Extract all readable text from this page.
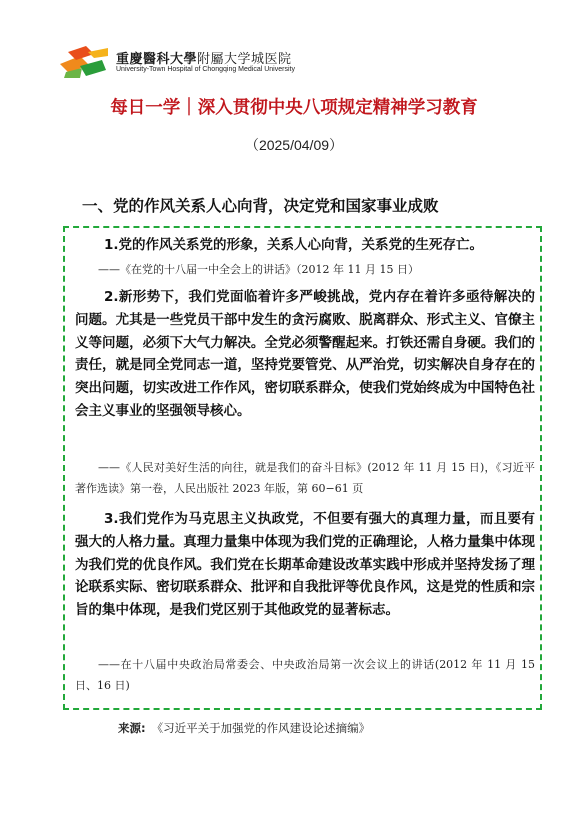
重慶醫科大學附屬大学城医院
University-Town Hospital of Chongqing Medical University
每日一学｜深入贯彻中央八项规定精神学习教育
（2025/04/09）
一、党的作风关系人心向背，决定党和国家事业成败

1.党的作风关系党的形象，关系人心向背，关系党的生死存亡。

——《在党的十八届一中全会上的讲话》（2012 年 11 月 15 日）

2.新形势下，我们党面临着许多严峻挑战，党内存在着许多亟待解决的问题。尤其是一些党员干部中发生的贪污腐败、脱离群众、形式主义、官僚主义等问题，必须下大气力解决。全党必须警醒起来。打铁还需自身硬。我们的责任，就是同全党同志一道，坚持党要管党、从严治党，切实解决自身存在的突出问题，切实改进工作作风，密切联系群众，使我们党始终成为中国特色社会主义事业的坚强领导核心。

——《人民对美好生活的向往，就是我们的奋斗目标》(2012 年 11 月 15 日)，《习近平著作选读》第一卷，人民出版社 2023 年版，第 60−61 页

3.我们党作为马克思主义执政党，不但要有强大的真理力量，而且要有强大的人格力量。真理力量集中体现为我们党的正确理论，人格力量集中体现为我们党的优良作风。我们党在长期革命建设改革实践中形成并坚持发扬了理论联系实际、密切联系群众、批评和自我批评等优良作风，这是党的性质和宗旨的集中体现，是我们党区别于其他政党的显著标志。

——在十八届中央政治局常委会、中央政治局第一次会议上的讲话(2012 年 11 月 15 日、16 日)

来源: 《习近平关于加强党的作风建设论述摘编》
